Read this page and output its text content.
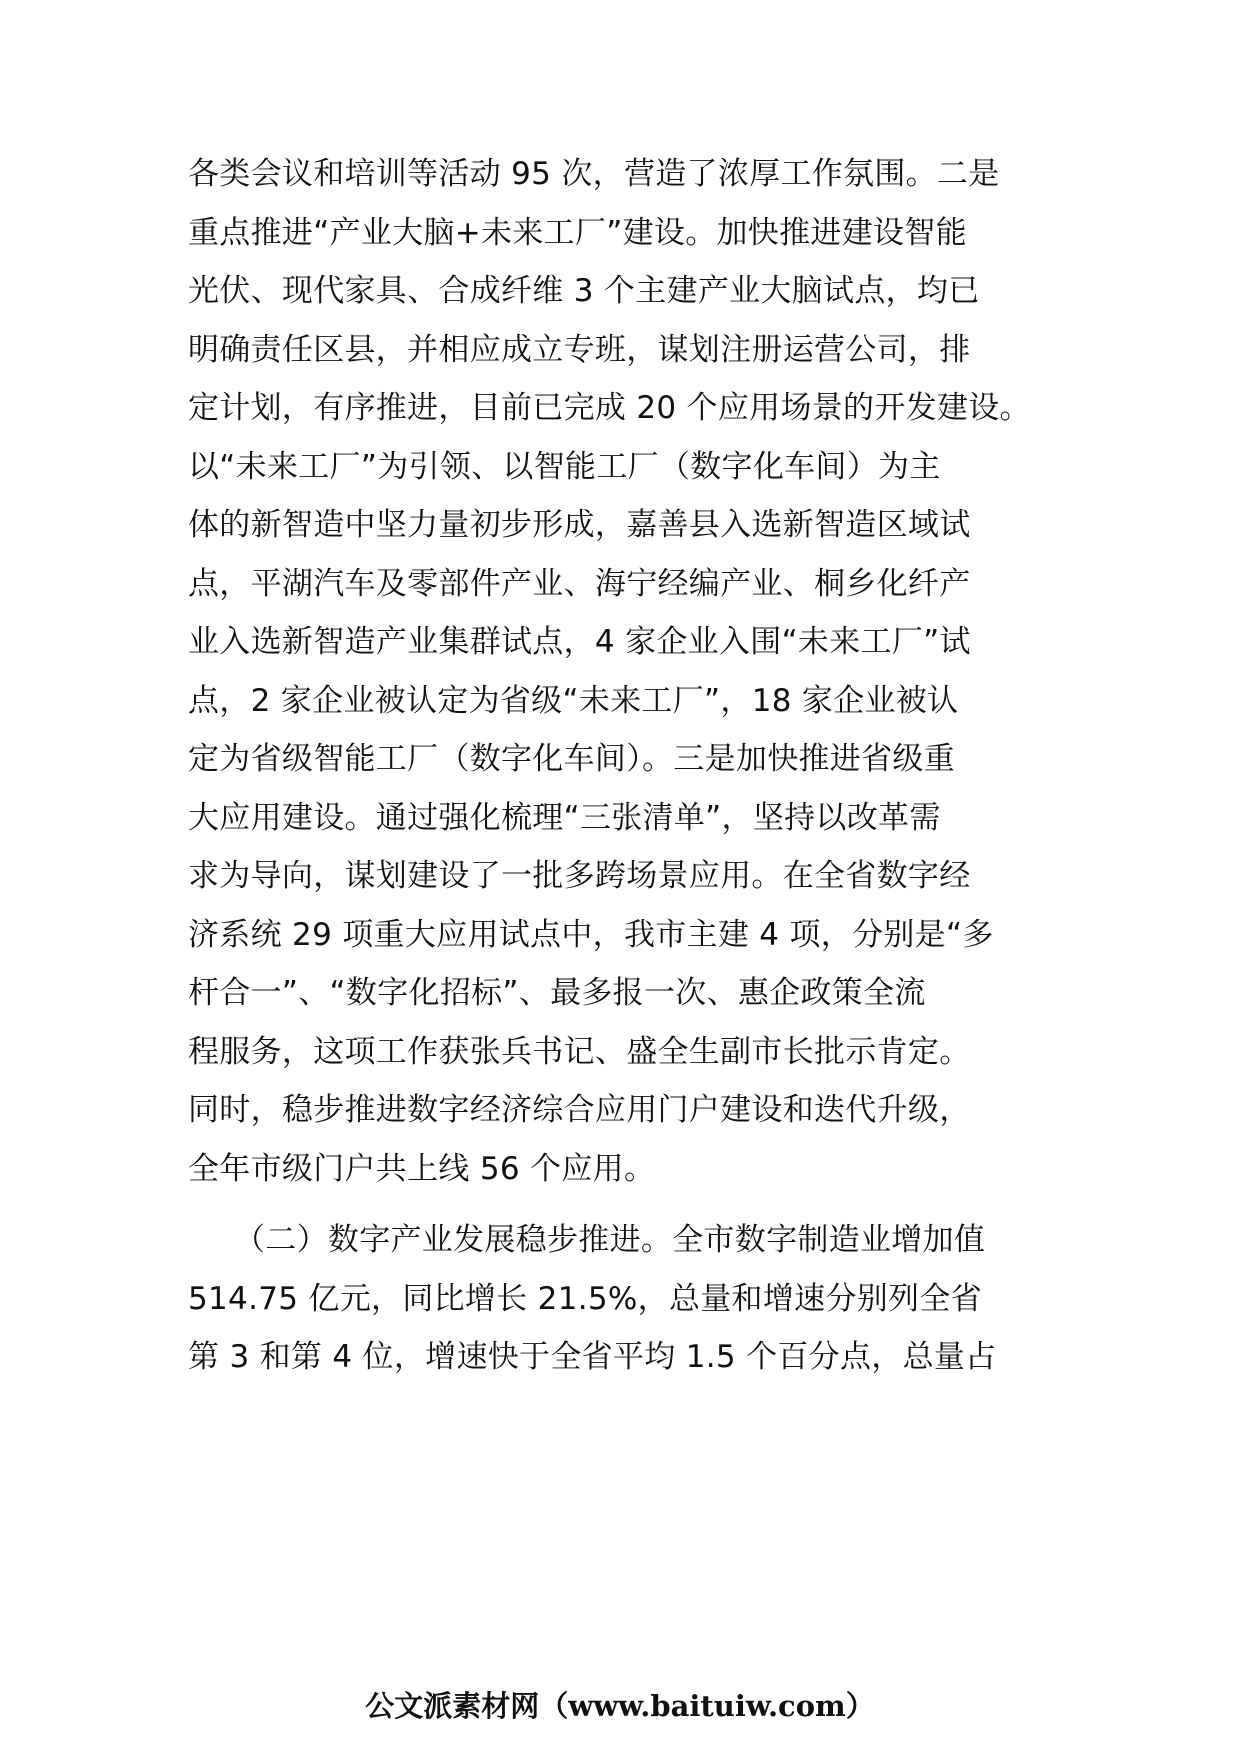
各类会议和培训等活动 95 次，营造了浓厚工作氛围。二是
重点推进“产业大脑+未来工厂”建设。加快推进建设智能
光伏、现代家具、合成纤维 3 个主建产业大脑试点，均已
明确责任区县，并相应成立专班，谋划注册运营公司，排
定计划，有序推进，目前已完成 20 个应用场景的开发建设。
以“未来工厂”为引领、以智能工厂（数字化车间）为主
体的新智造中坚力量初步形成，嘉善县入选新智造区域试
点，平湖汽车及零部件产业、海宁经编产业、桐乡化纤产
业入选新智造产业集群试点，4 家企业入围“未来工厂”试
点，2 家企业被认定为省级“未来工厂”，18 家企业被认
定为省级智能工厂（数字化车间）。三是加快推进省级重
大应用建设。通过强化梳理“三张清单”，坚持以改革需
求为导向，谋划建设了一批多跨场景应用。在全省数字经
济系统 29 项重大应用试点中，我市主建 4 项，分别是“多
杆合一”、“数字化招标”、最多报一次、惠企政策全流
程服务，这项工作获张兵书记、盛全生副市长批示肯定。
同时，稳步推进数字经济综合应用门户建设和迭代升级，
全年市级门户共上线 56 个应用。
（二）数字产业发展稳步推进。全市数字制造业增加值
514.75 亿元，同比增长 21.5%，总量和增速分别列全省
第 3 和第 4 位，增速快于全省平均 1.5 个百分点，总量占
公文派素材网（www.baituiw.com）
